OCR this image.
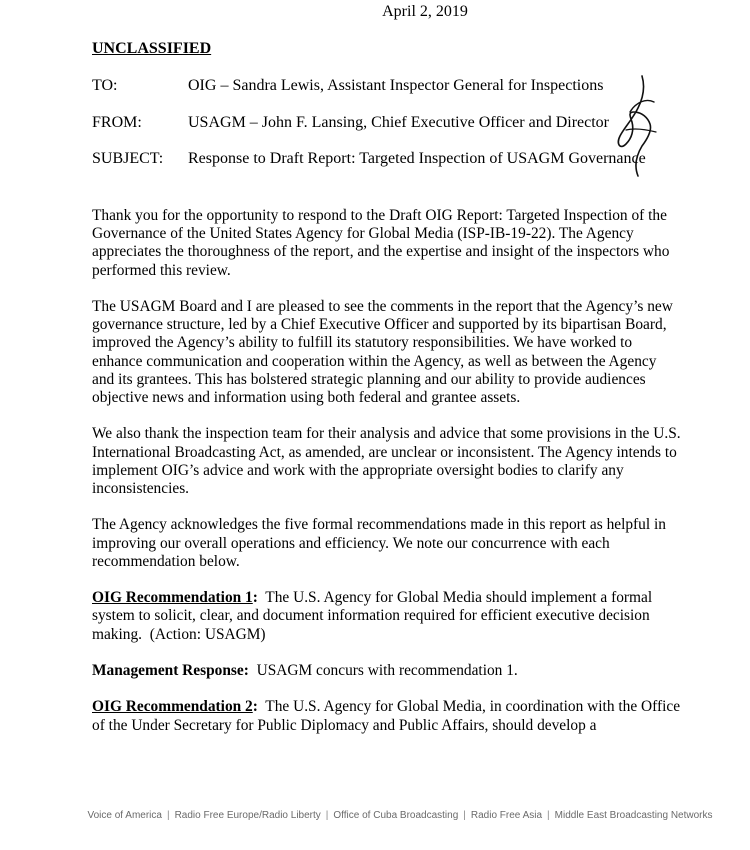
April 2, 2019
UNCLASSIFIED
TO:	OIG – Sandra Lewis, Assistant Inspector General for Inspections
FROM:	USAGM – John F. Lansing, Chief Executive Officer and Director
SUBJECT: Response to Draft Report: Targeted Inspection of USAGM Governance

Thank you for the opportunity to respond to the Draft OIG Report: Targeted Inspection of the Governance of the United States Agency for Global Media (ISP-IB-19-22). The Agency appreciates the thoroughness of the report, and the expertise and insight of the inspectors who performed this review.

The USAGM Board and I are pleased to see the comments in the report that the Agency’s new governance structure, led by a Chief Executive Officer and supported by its bipartisan Board, improved the Agency’s ability to fulfill its statutory responsibilities. We have worked to enhance communication and cooperation within the Agency, as well as between the Agency and its grantees. This has bolstered strategic planning and our ability to provide audiences objective news and information using both federal and grantee assets.

We also thank the inspection team for their analysis and advice that some provisions in the U.S. International Broadcasting Act, as amended, are unclear or inconsistent. The Agency intends to implement OIG’s advice and work with the appropriate oversight bodies to clarify any inconsistencies.

The Agency acknowledges the five formal recommendations made in this report as helpful in improving our overall operations and efficiency. We note our concurrence with each recommendation below.

OIG Recommendation 1:  The U.S. Agency for Global Media should implement a formal system to solicit, clear, and document information required for efficient executive decision making.  (Action: USAGM)

Management Response:  USAGM concurs with recommendation 1.

OIG Recommendation 2:  The U.S. Agency for Global Media, in coordination with the Office of the Under Secretary for Public Diplomacy and Public Affairs, should develop a

Voice of America | Radio Free Europe/Radio Liberty | Office of Cuba Broadcasting | Radio Free Asia | Middle East Broadcasting Networks
